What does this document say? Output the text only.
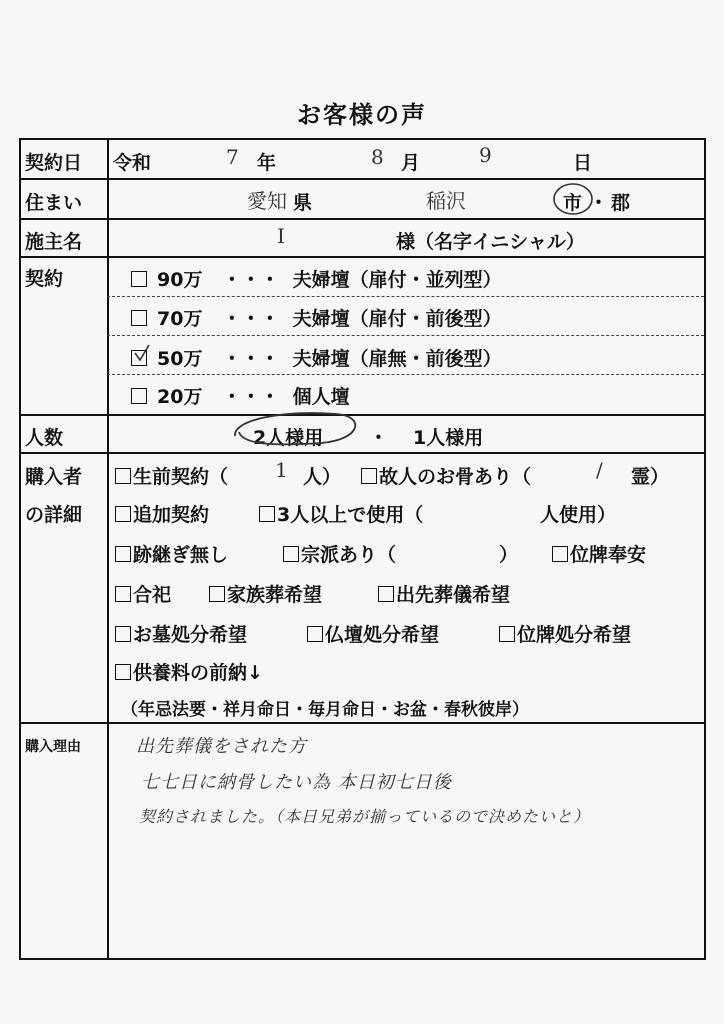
お客様の声
契約日 令和	7 年	8 月	9	日
住まい	愛知 県	稲沢	市 ・ 郡
施主名	I	様（名字イニシャル）
契約	90万 ・・・ 夫婦壇（扉付・並列型）
70万 ・・・ 夫婦壇（扉付・前後型）
50万 ・・・ 夫婦壇（扉無・前後型）
20万 ・・・ 個人壇
人数	2人様用 ・ 1人様用
購入者
の詳細
生前契約（ 1 人）	故人のお骨あり（	/ 霊）
追加契約	3人以上で使用（	人使用）
跡継ぎ無し	宗派あり（	）	位牌奉安
合祀	家族葬希望	出先葬儀希望
お墓処分希望	仏壇処分希望	位牌処分希望
供養料の前納↓
（年忌法要・祥月命日・毎月命日・お盆・春秋彼岸）
購入理由	出先葬儀をされた方
七七日に納骨したい為 本日初七日後
契約されました。（本日兄弟が揃っているので決めたいと）
